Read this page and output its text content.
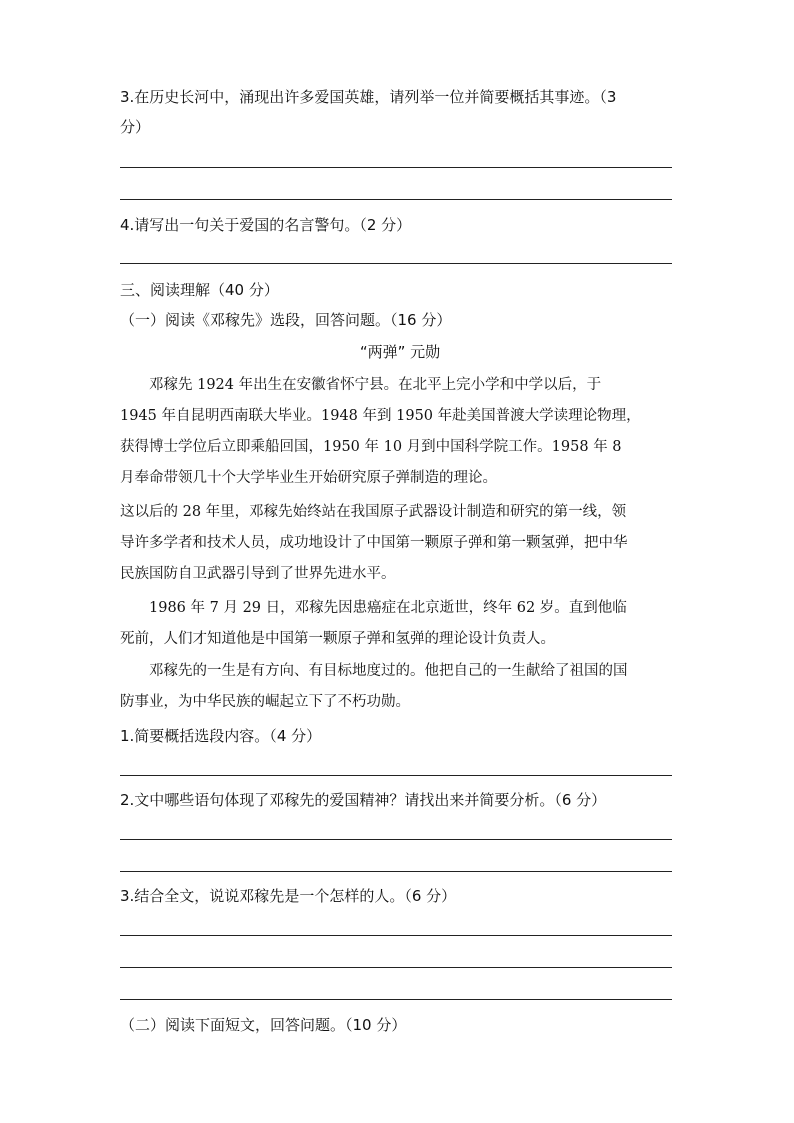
3.在历史长河中，涌现出许多爱国英雄，请列举一位并简要概括其事迹。（3
分）
4.请写出一句关于爱国的名言警句。（2 分）
三、阅读理解（40 分）
（一）阅读《邓稼先》选段，回答问题。（16 分）
“两弹” 元勋
　　邓稼先 1924 年出生在安徽省怀宁县。在北平上完小学和中学以后，于
1945 年自昆明西南联大毕业。1948 年到 1950 年赴美国普渡大学读理论物理，
获得博士学位后立即乘船回国，1950 年 10 月到中国科学院工作。1958 年 8
月奉命带领几十个大学毕业生开始研究原子弹制造的理论。
这以后的 28 年里，邓稼先始终站在我国原子武器设计制造和研究的第一线，领
导许多学者和技术人员，成功地设计了中国第一颗原子弹和第一颗氢弹，把中华
民族国防自卫武器引导到了世界先进水平。
　　1986 年 7 月 29 日，邓稼先因患癌症在北京逝世，终年 62 岁。直到他临
死前，人们才知道他是中国第一颗原子弹和氢弹的理论设计负责人。
　　邓稼先的一生是有方向、有目标地度过的。他把自己的一生献给了祖国的国
防事业，为中华民族的崛起立下了不朽功勋。
1.简要概括选段内容。（4 分）
2.文中哪些语句体现了邓稼先的爱国精神？请找出来并简要分析。（6 分）
3.结合全文，说说邓稼先是一个怎样的人。（6 分）
（二）阅读下面短文，回答问题。（10 分）
